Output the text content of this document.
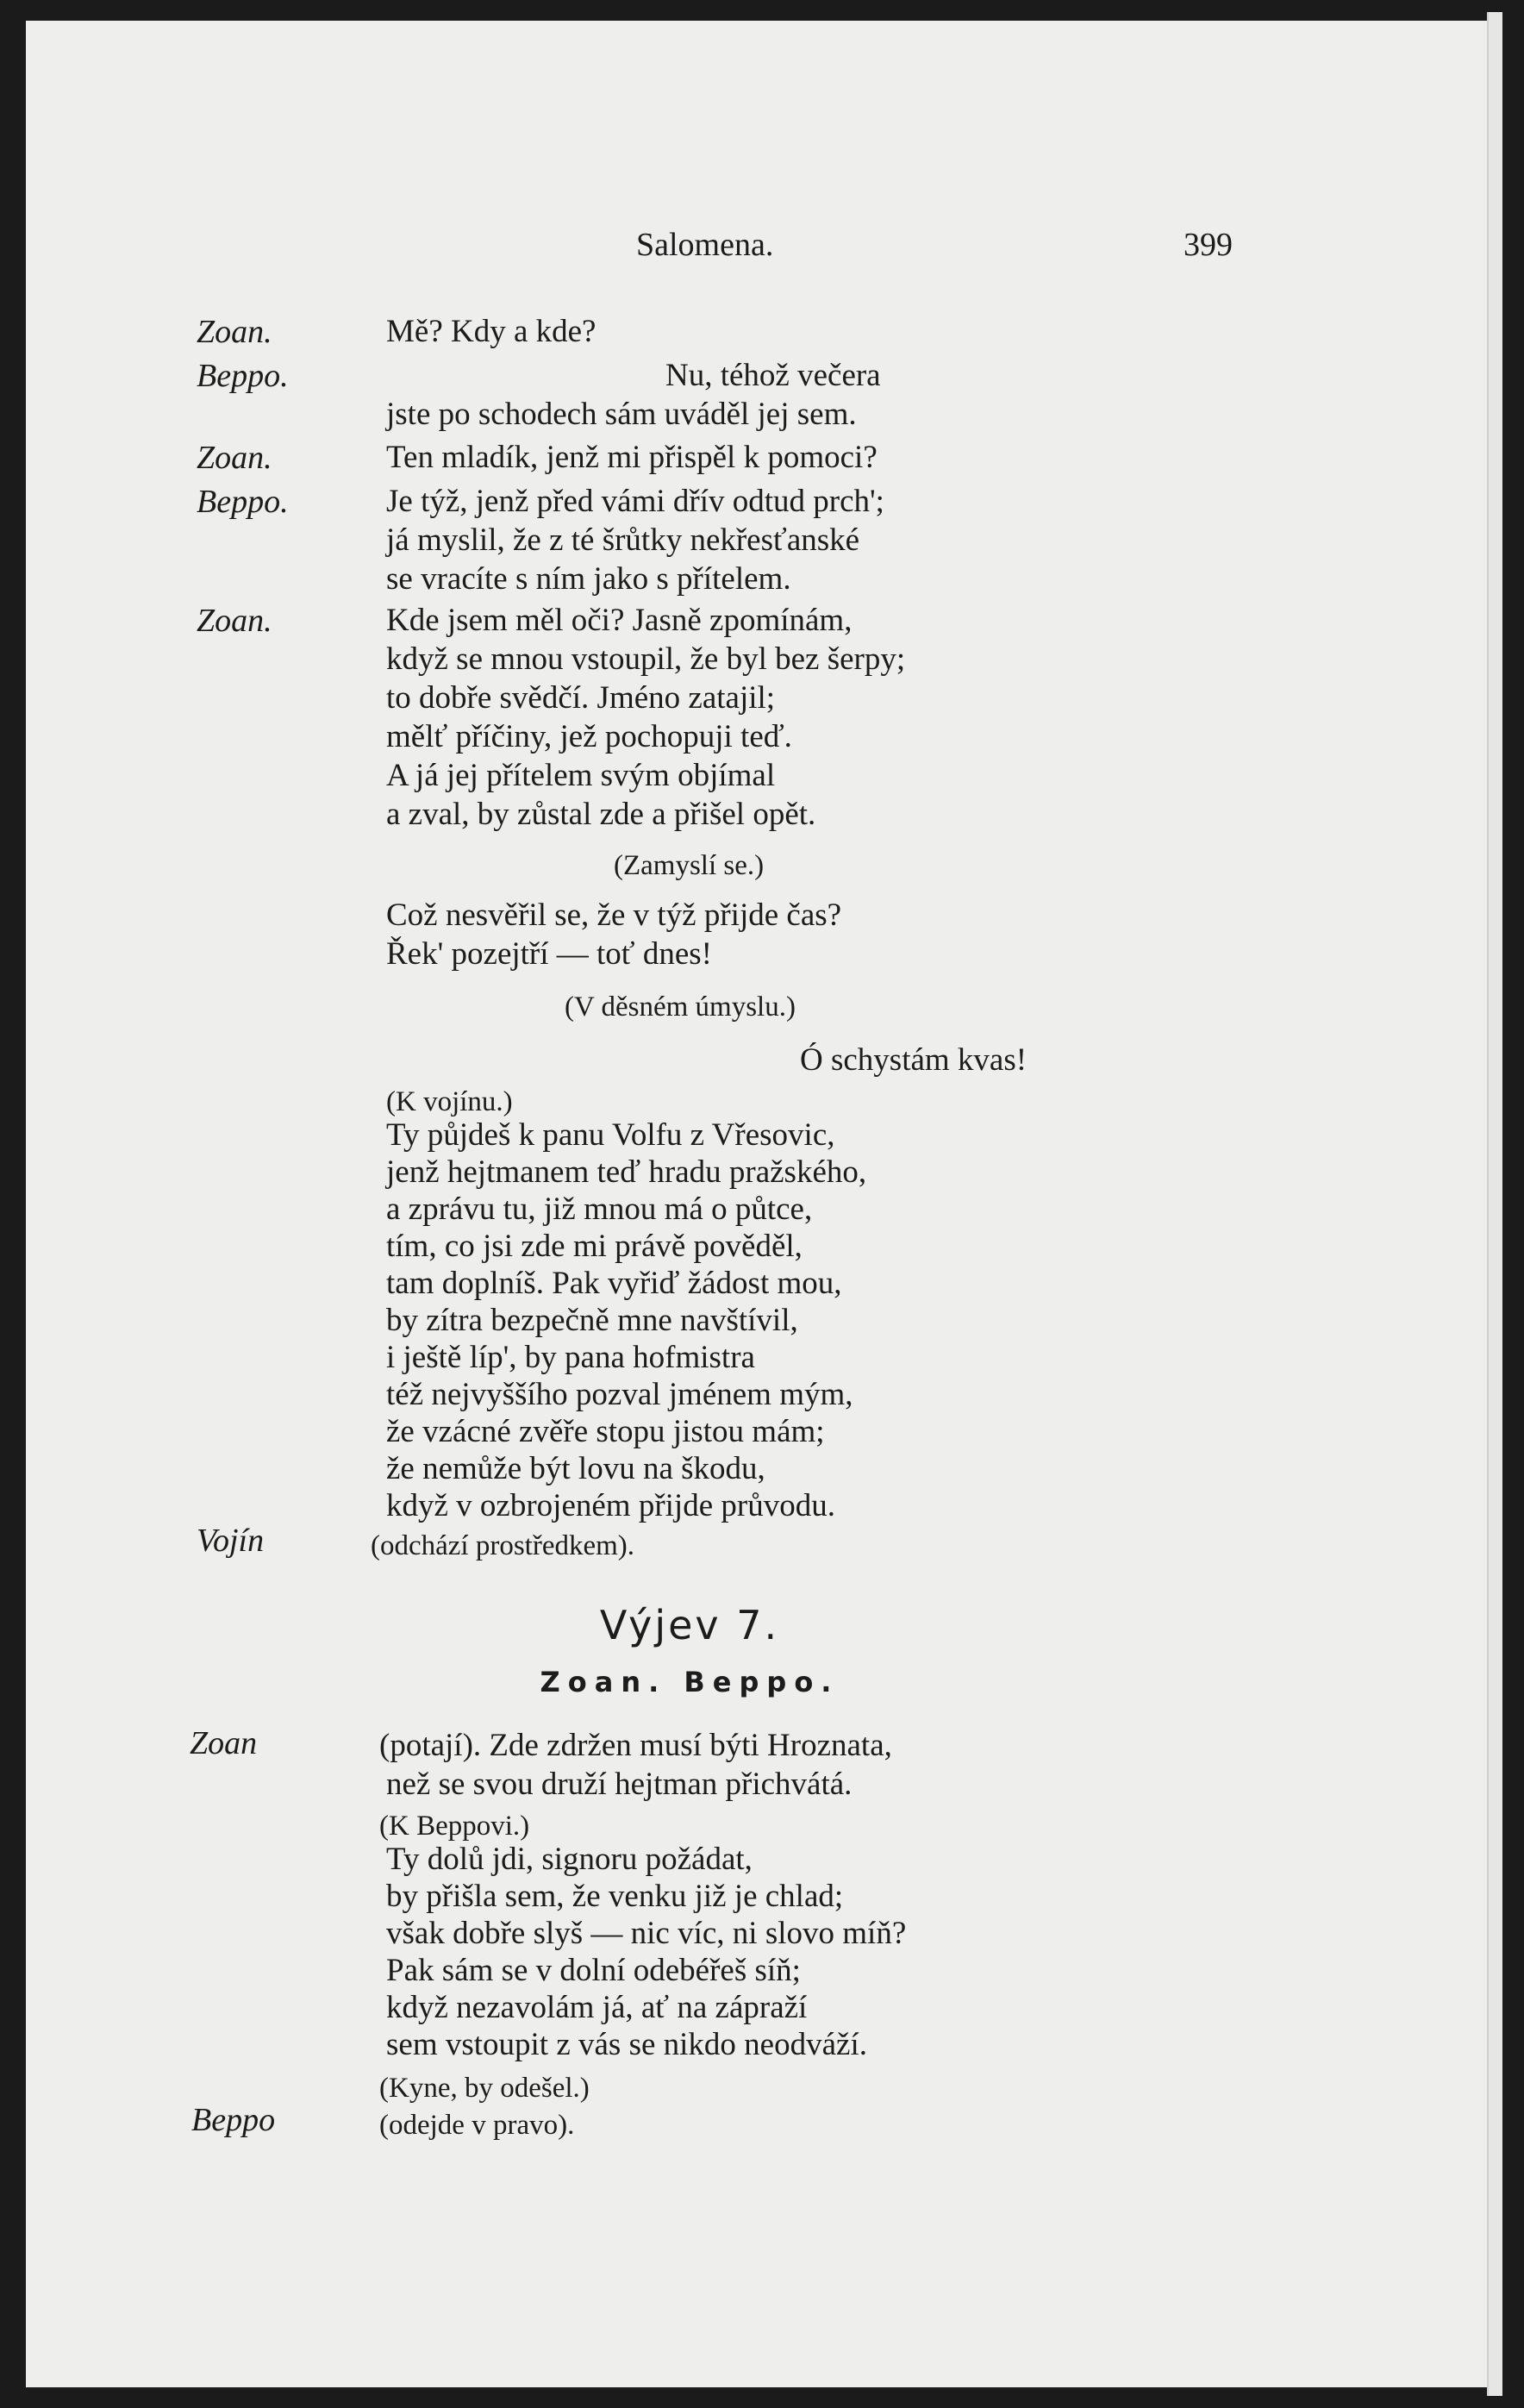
Salomena.	399
Zoan.
Beppo.
Zoan.
Beppo.
Zoan.
Vojín
Zoan
Beppo
Mě? Kdy a kde?
Nu, téhož večera
jste po schodech sám uváděl jej sem.
Ten mladík, jenž mi přispěl k pomoci?
Je týž, jenž před vámi dřív odtud prch';
já myslil, že z té šrůtky nekřesťanské
se vracíte s ním jako s přítelem.
Kde jsem měl oči? Jasně zpomínám,
když se mnou vstoupil, že byl bez šerpy;
to dobře svědčí. Jméno zatajil;
mělť příčiny, jež pochopuji teď.
A já jej přítelem svým objímal
a zval, by zůstal zde a přišel opět.
(Zamyslí se.)
Což nesvěřil se, že v týž přijde čas?
Řek' pozejtří — toť dnes!
(V děsném úmyslu.)
Ó schystám kvas!
(K vojínu.)
Ty půjdeš k panu Volfu z Vřesovic,
jenž hejtmanem teď hradu pražského,
a zprávu tu, již mnou má o půtce,
tím, co jsi zde mi právě pověděl,
tam doplníš. Pak vyřiď žádost mou,
by zítra bezpečně mne navštívil,
i ještě líp', by pana hofmistra
též nejvyššího pozval jménem mým,
že vzácné zvěře stopu jistou mám;
že nemůže být lovu na škodu,
když v ozbrojeném přijde průvodu.
(odchází prostředkem).
Výjev 7.
Zoan. Beppo.
(potají). Zde zdržen musí býti Hroznata,
než se svou druží hejtman přichvátá.
(K Beppovi.)
Ty dolů jdi, signoru požádat,
by přišla sem, že venku již je chlad;
však dobře slyš — nic víc, ni slovo míň?
Pak sám se v dolní odebéřeš síň;
když nezavolám já, ať na zápraží
sem vstoupit z vás se nikdo neodváží.
(Kyne, by odešel.)
(odejde v pravo).
